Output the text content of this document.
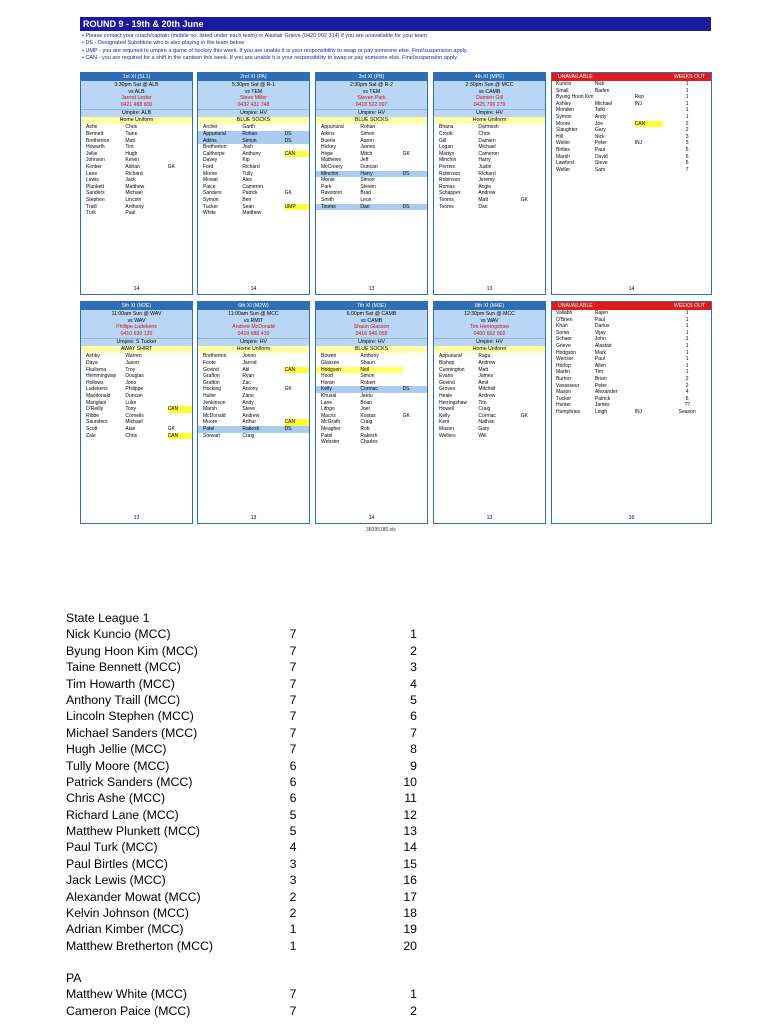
ROUND 9 - 19th & 20th June
• Please contact your coach/captain (mobile no. listed under each team) or Alastair Grieve (0420 902 314) if you are unavailable for your team
• DS - Designated Substitute who is also playing in the team below
• UMP - you are required to umpire a game of hockey this week. If you are unable it is your responsibility to swap or pay someone else. Fine/suspension apply.
• CAN - you are required for a shift in the canteen this week. If you are unable it is your responsibility to swap or pay someone else. Fine/suspension apply.
1st XI (SL1)
3:30pm Sat @ ALB
vs ALB
Jarrod Lester
0421 488 800
Umpire: ALB
Home Uniform
Ashe	Chris
Bennett	Taine
Bretherton	Matt
Howarth	Tim
Jellie	Hugh
Johnson	Kelvin
Kimber	Adrian	GK
Lane	Richard
Lewis	Jack
Plunkett	Matthew
Sanders	Michael
Stephen	Lincoln
Traill	Anthony
Turk	Paul
14
2nd XI (PA)
5:30pm Sat @ R-1
vs TEM
Steve Miller
0432 431 748
Umpire: HV
BLUE SOCKS
Archer	Garth
Appuriural	Rohan	DS
Atkins	Simon	DS
Bretherton	Josh
Calthorpe	Anthony	CAN
Davey	Kip
Ford	Richard
Moore	Tully
Mowat	Alex
Paice	Cameron
Sanders	Patrick	GK
Symon	Ben
Tucker	Sean	UMP
White	Matthew
14
3rd XI (PB)
2:30pm Sat @ R-2
vs TEM
Steven Park
0418 522 097
Umpire: HV
BLUE SOCKS
Appuriural	Rohan
Atkins	Simon
Buerle	Aaron
Hickey	James
Hope	Mitch	GK
Mathews	Jeff
McCreery	Duncan
Minchin	Harry	DS
Monie	Simon
Park	Steven
Rawstorn	Brad
Smith	Leon
Tooms	Dan	DS
13
4th XI (MPE)
2:30pm Sun @ MCC
vs CAMB
Damien Gill
0425 796 279
Umpire: HV
Home Uniform
Bhana	Darmesh
Crook	Chris
Gill	Damien
Logan	Michael
Martyn	Cameron
Minchin	Harry
Perrins	Justin
Robinson	Richard
Robinson	Jeremy
Romas	Angie
Schapper	Andrew
Tooms	Matt	GK
Tooms	Dan
13
5th XI (M2E)
11:00am Sun @ WAV
vs WAV
Phillipe Ludekens
0410 630 120
Umpire: S Tucker
AWAY SHIRT
Ashby	Warren
Daya	Jason
Fkulisma	Troy
Hemmingway	Douglas
Hollows	Jono
Ludekens	Philippe
Macdonald	Duncan
Mariglani	Luke
O'Reilly	Tony	CAN
Ribbe	Cornelis
Saunders	Michael
Scott	Alan	GK
Zale	Chris	CAN
13
6th XI (M2W)
11:00am Sun @ MCC
vs RMIT
Andrew McDonald
0419 688 410
Umpire: HV
Home Uniform
Bretherton	Jonno
Foote	Jarrod
Govind	Atil	CAN
Grafton	Ryan
Grafton	Zac
Hocking	Antony	GK
Huller	Zane
Jenkinson	Andy
Marsh	Steve
McDonald	Andrew
Moore	Arthur	CAN
Patel	Rakesh	DS
Stewart	Craig
13
7th XI (M3E)
6:00pm Sat @ CAMB
vs CAMB
Shaun Glasson
0416 946 058
Umpire: HV
BLUE SOCKS
Bowen	Anthony
Glasson	Shaun
Hodgson	Neil
Hood	Simon
Horan	Robert
Kelly	Cormac	DS
Khusal	Jeetu
Lane	Brian
Lithgo	Joel
Macris	Kostas	GK
McGrath	Craig
Meagher	Rob
Patel	Rakesh
Webster	Charles
14
8th XI (M4E)
12:30pm Sun @ MCC
vs WAV
Tim Herringshaw
0400 662 002
Umpire: HV
Home Uniform
Appuriural	Ragu
Bishop	Andrew
Cunnington	Matt
Evans	James
Govind	Amit
Groves	Mitchell
Heale	Andrew
Herringshaw	Tim
Howell	Craig
Kelly	Cormac	GK
Kent	Nathan
Mason	Gary
Wellers	Will
13
UNAVAILABLE	WEEKS OUT
Kuncio	Nick	1
Small	Baden	1
Byung Hoon Kim	Rep	1
Ashley	Michael	INJ	1
Monden	Taiki	1
Symon	Andy	1
Moore	Joe	CAN	2
Slaughter	Gary	2
Hill	Nick	3
Weller	Peter	INJ	5
Birtles	Paul	5
Marsh	David	5
Lawford	Steve	6
Weller	Sam	7
14
UNAVAILABLE	WEEKS OUT
Vallabh	Rajen	1
O'Brien	Paul	1
Khan	Darius	1
Soma	Vijay	1
Schaer	John	1
Grieve	Alastair	1
Hodgson	Mark	1
Wensor	Paul	1
Horlop	Allen	1
Martin	Tim	1
Burton	Brian	2
Vavasseur	Peter	2
Mason	Alexander	4
Tucker	Patrick	5
Hunter	James	??
Humphries	Leigh	INJ	Season
16
36095180.xls
State League 1
Nick Kuncio (MCC)	7	1
Byung Hoon Kim (MCC)	7	2
Taine Bennett (MCC)	7	3
Tim Howarth (MCC)	7	4
Anthony Traill (MCC)	7	5
Lincoln Stephen (MCC)	7	6
Michael Sanders (MCC)	7	7
Hugh Jellie (MCC)	7	8
Tully Moore (MCC)	6	9
Patrick Sanders (MCC)	6	10
Chris Ashe (MCC)	6	11
Richard Lane (MCC)	5	12
Matthew Plunkett (MCC)	5	13
Paul Turk (MCC)	4	14
Paul Birtles (MCC)	3	15
Jack Lewis (MCC)	3	16
Alexander Mowat (MCC)	2	17
Kelvin Johnson (MCC)	2	18
Adrian Kimber (MCC)	1	19
Matthew Bretherton (MCC)	1	20
PA
Matthew White (MCC)	7	1
Cameron Paice (MCC)	7	2
